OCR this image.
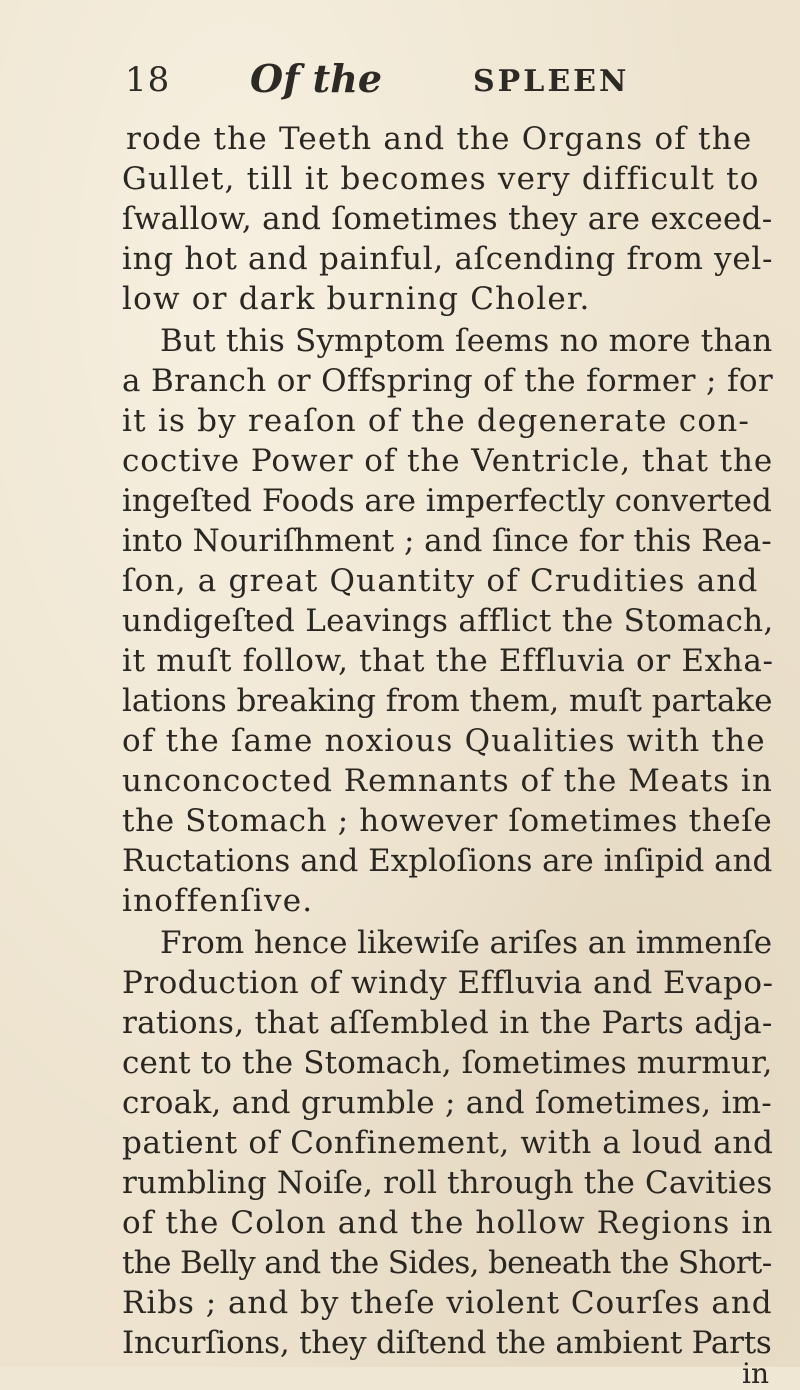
18 Of the	SPLEEN
rode the Teeth and the Organs of the
Gullet, till it becomes very difficult to
ſwallow, and ſometimes they are exceed-
ing hot and painful, aſcending from yel-
low or dark burning Choler.
But this Symptom ſeems no more than
a Branch or Offspring of the former ; for
it is by reaſon of the degenerate con-
coctive Power of the Ventricle, that the
ingeſted Foods are imperfectly converted
into Nouriſhment ; and ſince for this Rea-
ſon, a great Quantity of Crudities and
undigeſted Leavings afflict the Stomach,
it muſt follow, that the Effluvia or Exha-
lations breaking from them, muſt partake
of the ſame noxious Qualities with the
unconcocted Remnants of the Meats in
the Stomach ; however ſometimes theſe
Ructations and Exploſions are inſipid and
inoffenſive.
From hence likewiſe ariſes an immenſe
Production of windy Effluvia and Evapo-
rations, that aſſembled in the Parts adja-
cent to the Stomach, ſometimes murmur,
croak, and grumble ; and ſometimes, im-
patient of Confinement, with a loud and
rumbling Noiſe, roll through the Cavities
of the Colon and the hollow Regions in
the Belly and the Sides, beneath the Short-
Ribs ; and by theſe violent Courſes and
Incurſions, they diſtend the ambient Parts
in
